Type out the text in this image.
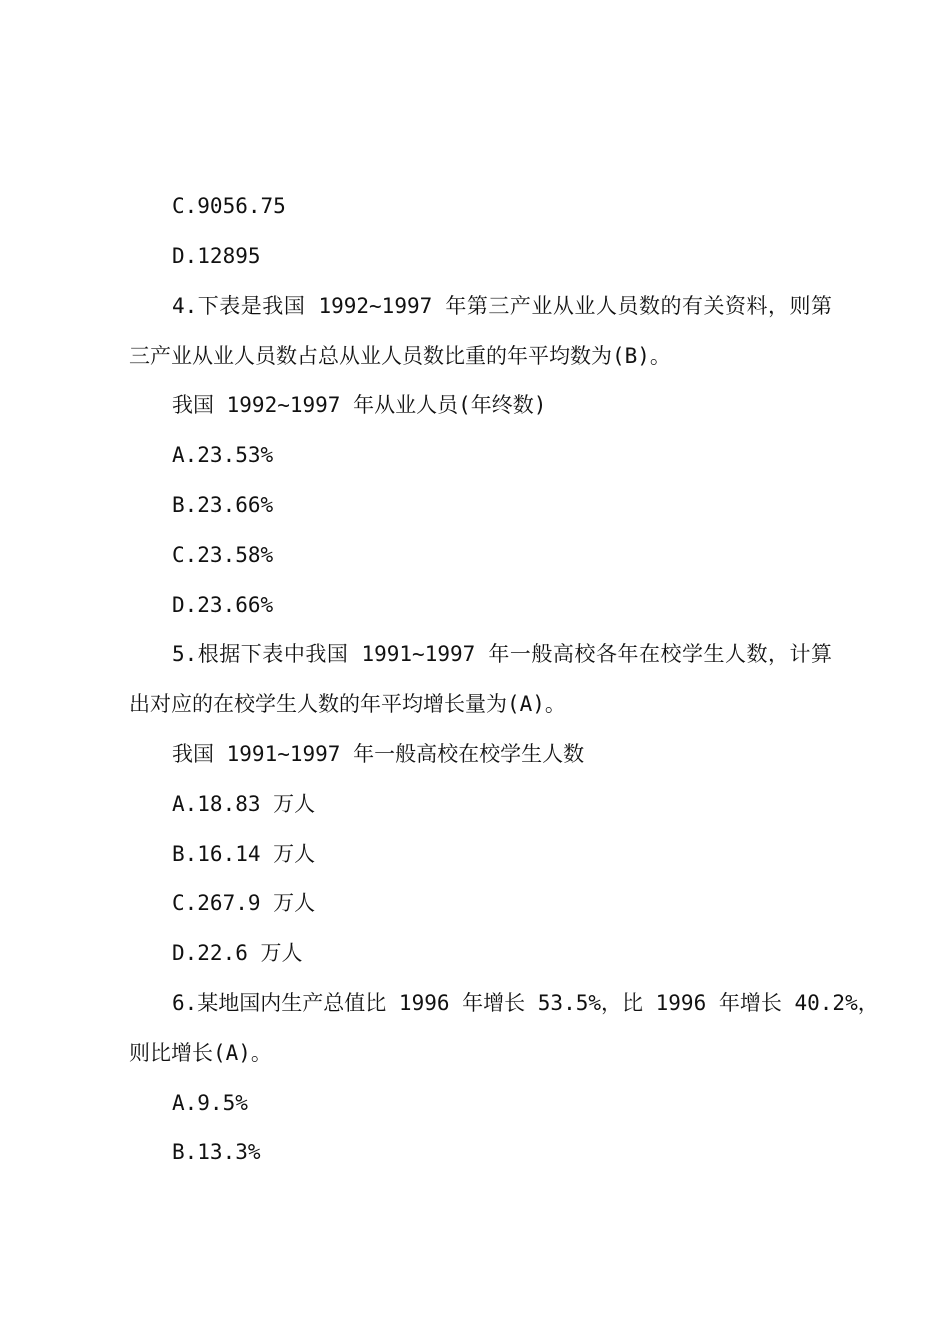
C.9056.75
D.12895
4.下表是我国 1992~1997 年第三产业从业人员数的有关资料，则第
三产业从业人员数占总从业人员数比重的年平均数为(B)。
我国 1992~1997 年从业人员(年终数)
A.23.53%
B.23.66%
C.23.58%
D.23.66%
5.根据下表中我国 1991~1997 年一般高校各年在校学生人数，计算
出对应的在校学生人数的年平均增长量为(A)。
我国 1991~1997 年一般高校在校学生人数
A.18.83 万人
B.16.14 万人
C.267.9 万人
D.22.6 万人
6.某地国内生产总值比 1996 年增长 53.5%，比 1996 年增长 40.2%，
则比增长(A)。
A.9.5%
B.13.3%
